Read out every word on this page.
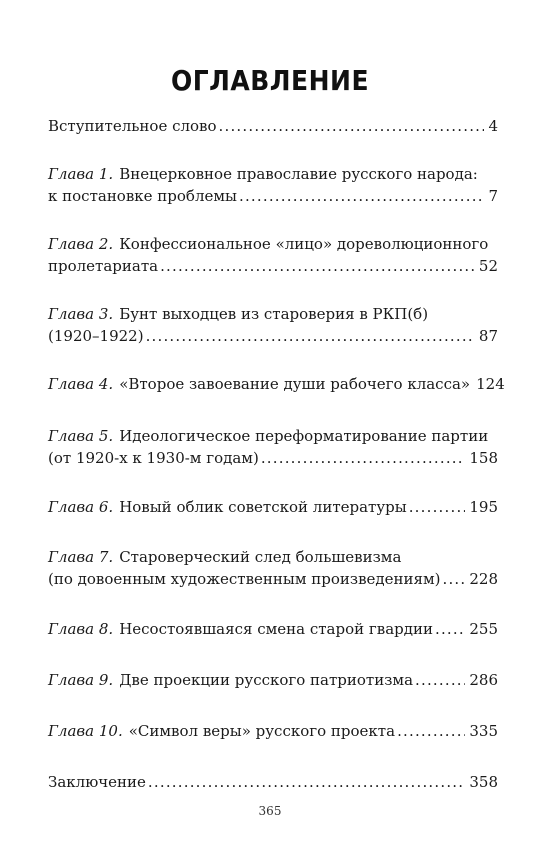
ОГЛАВЛЕНИЕ
Вступительное слово .....	4
Глава 1. Внецерковное православие русского народа:
к постановке проблемы .....	7
Глава 2. Конфессиональное «лицо» дореволюционного
пролетариата .....	52
Глава 3. Бунт выходцев из староверия в РКП(б)
(1920–1922) .....	87
Глава 4. «Второе завоевание души рабочего класса» 124
Глава 5. Идеологическое переформатирование партии
(от 1920-х к 1930-м годам) .....	158
Глава 6. Новый облик советской литературы .....	195
Глава 7. Староверческий след большевизма
(по довоенным художественным произведениям) ..... 228
Глава 8. Несостоявшаяся смена старой гвардии ..... 255
Глава 9. Две проекции русского патриотизма .....	286
Глава 10. «Символ веры» русского проекта .....	335
Заключение .....	358
365
